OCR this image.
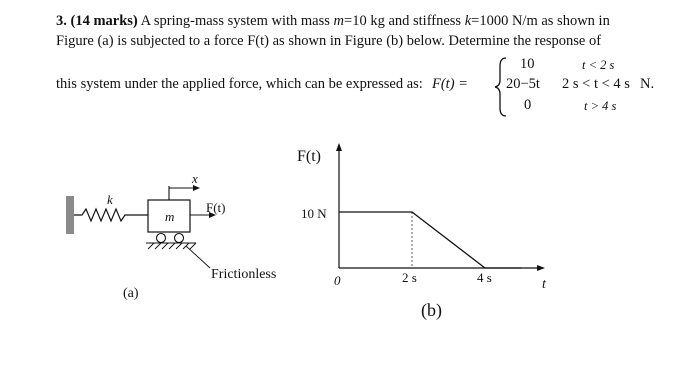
3. (14 marks) A spring-mass system with mass m=10 kg and stiffness k=1000 N/m as shown in
Figure (a) is subjected to a force F(t) as shown in Figure (b) below. Determine the response of
this system under the applied force, which can be expressed as: F(t) =
10	t < 2 s
20−5t 2 s < t < 4 s N.
0	t > 4 s
k
m
x
F(t)
Frictionless
(a)
F(t)
10 N
0	2 s	4 s	t
(b)
